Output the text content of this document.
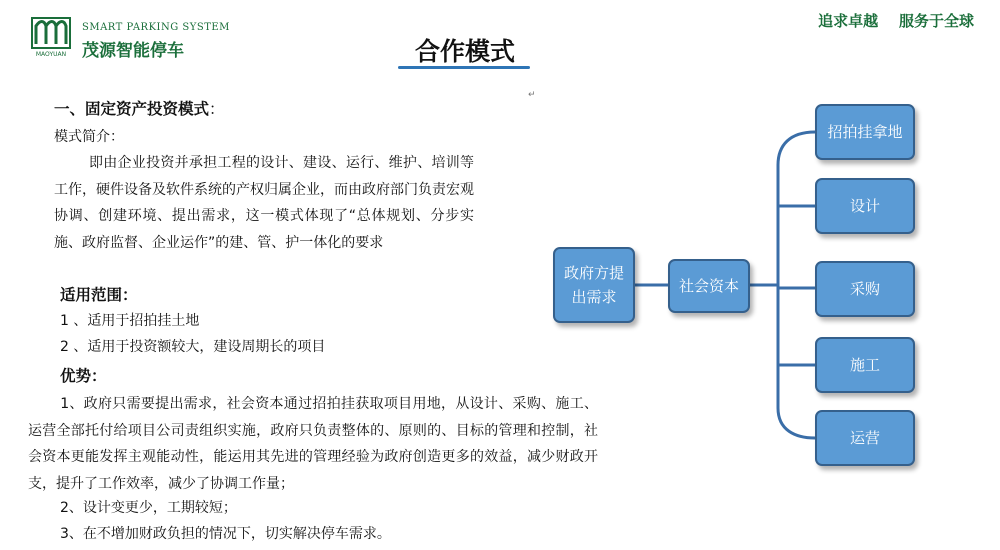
MAOYUAN
SMART PARKING SYSTEM
茂源智能停车
追求卓越    服务于全球
合作模式
↵
一、固定资产投资模式：
模式简介：
即由企业投资并承担工程的设计、建设、运行、维护、培训等工作，硬件设备及软件系统的产权归属企业，而由政府部门负责宏观协调、创建环境、提出需求，这一模式体现了“总体规划、分步实施、政府监督、企业运作”的建、管、护一体化的要求
适用范围：
1 、适用于招拍挂土地
2 、适用于投资额较大，建设周期长的项目
优势：
1、政府只需要提出需求，社会资本通过招拍挂获取项目用地，从设计、采购、施工、运营全部托付给项目公司责组织实施，政府只负责整体的、原则的、目标的管理和控制，社会资本更能发挥主观能动性，能运用其先进的管理经验为政府创造更多的效益，减少财政开支，提升了工作效率，减少了协调工作量；
2、设计变更少，工期较短；
3、在不增加财政负担的情况下，切实解决停车需求。
政府方提出需求
社会资本
招拍挂拿地
设计
采购
施工
运营
